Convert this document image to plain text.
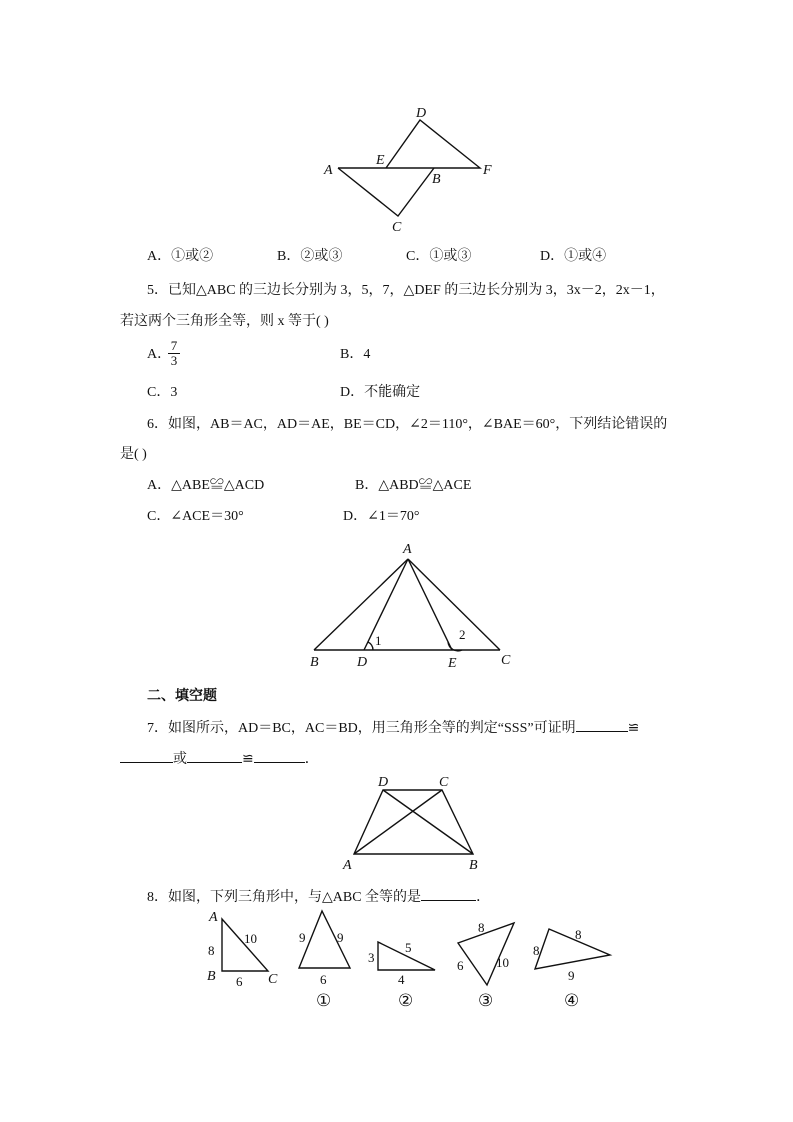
D
E
F
A
B
C
A．①或②	B．②或③	C．①或③	D．①或④
5．已知△ABC 的三边长分别为 3，5，7，△DEF 的三边长分别为 3，3x－2，2x－1，
若这两个三角形全等，则 x 等于( )
A．
$\frac{7}{3}$	B．4
C．3	D．不能确定
6．如图，AB＝AC，AD＝AE，BE＝CD，∠2＝110°，∠BAE＝60°，下列结论错误的
是( )
A．△ABE≌△ACD	B．△ABD≌△ACE
C．∠ACE＝30°	D．∠1＝70°
A
B	D	E	C
1	2
二、填空题
7．如图所示，AD＝BC，AC＝BD，用三角形全等的判定“SSS”可证明	≌
或	≌	．
D	C
A	B
8．如图，下列三角形中，与△ABC 全等的是	．
A
B	C
8
10
6
9 9
6
3
5
4
8
6	10
8
8
9
①	②	③	④
